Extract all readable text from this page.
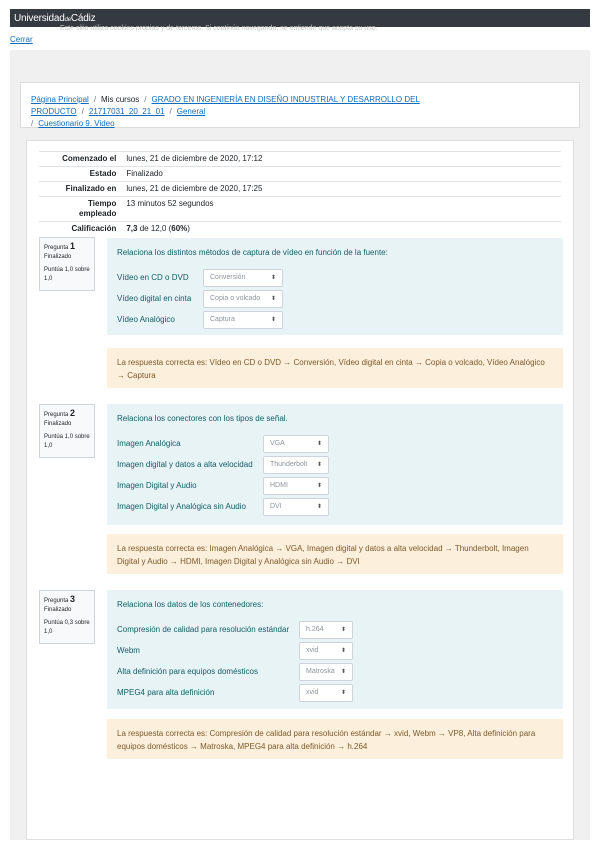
UniversidaddeCádiz
Este sitio utiliza cookies propias y de terceros. Si continúa navegando, se entiende que acepta su uso.
Cerrar
Página Principal / Mis cursos / GRADO EN INGENIERÍA EN DISEÑO INDUSTRIAL Y DESARROLLO DEL PRODUCTO / 21717031_20_21_01 / General
/ Cuestionario 9. Video
Comenzado el	lunes, 21 de diciembre de 2020, 17:12
Estado	Finalizado
Finalizado en	lunes, 21 de diciembre de 2020, 17:25
Tiempo empleado	13 minutos 52 segundos
Calificación	7,3 de 12,0 (60%)
Pregunta 1
Finalizado

Puntúa 1,0 sobre 1,0
Relaciona los distintos métodos de captura de vídeo en función de la fuente:
Vídeo en CD o DVD	Conversión	⬍
Vídeo digital en cinta	Copia o volcado ⬍
Vídeo Analógico	Captura	⬍
La respuesta correcta es: Vídeo en CD o DVD → Conversión, Vídeo digital en cinta → Copia o volcado, Vídeo Analógico → Captura
Pregunta 2
Finalizado

Puntúa 1,0 sobre 1,0
Relaciona los conectores con los tipos de señal.
Imagen Analógica	VGA	⬍
Imagen digital y datos a alta velocidad	Thunderbolt ⬍
Imagen Digital y Audio	HDMI	⬍
Imagen Digital y Analógica sin Audio	DVI	⬍
La respuesta correcta es: Imagen Analógica → VGA, Imagen digital y datos a alta velocidad → Thunderbolt, Imagen Digital y Audio → HDMI, Imagen Digital y Analógica sin Audio → DVI
Pregunta 3
Finalizado

Puntúa 0,3 sobre 1,0
Relaciona los datos de los contenedores:
Compresión de calidad para resolución estándar	h.264	⬍
Webm	xvid	⬍
Alta definición para equipos domésticos	Matroska ⬍
MPEG4 para alta definición	xvid	⬍
La respuesta correcta es: Compresión de calidad para resolución estándar → xvid, Webm → VP8, Alta definición para equipos domésticos → Matroska, MPEG4 para alta definición → h.264
